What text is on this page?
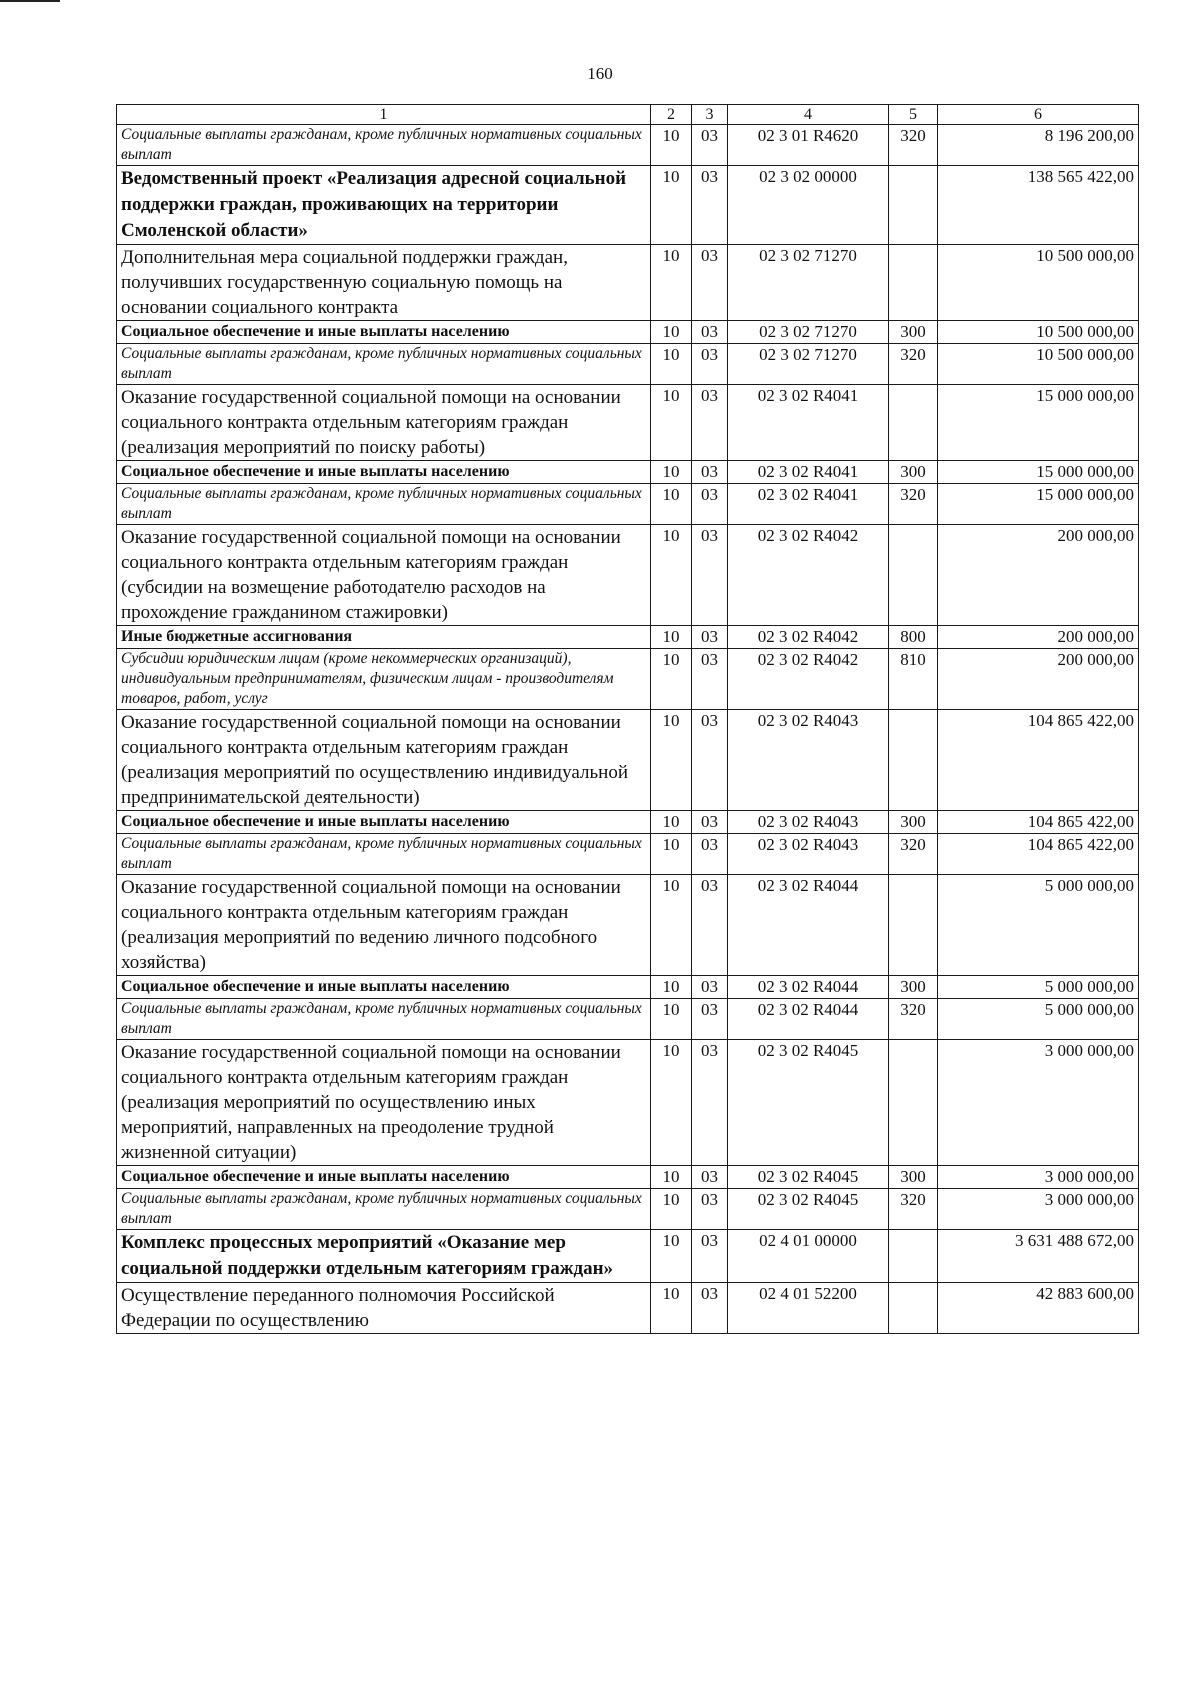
160
1	2	3	4	5	6
Социальные выплаты гражданам, кроме публичных нормативных социальных выплат	10	03	02 3 01 R4620	320	8 196 200,00
Ведомственный проект «Реализация адресной социальной поддержки граждан, проживающих на территории Смоленской области»	10	03	02 3 02 00000		138 565 422,00
Дополнительная мера социальной поддержки граждан, получивших государственную социальную помощь на основании социального контракта	10	03	02 3 02 71270		10 500 000,00
Социальное обеспечение и иные выплаты населению	10	03	02 3 02 71270	300	10 500 000,00
Социальные выплаты гражданам, кроме публичных нормативных социальных выплат	10	03	02 3 02 71270	320	10 500 000,00
Оказание государственной социальной помощи на основании социального контракта отдельным категориям граждан (реализация мероприятий по поиску работы)	10	03	02 3 02 R4041		15 000 000,00
Социальное обеспечение и иные выплаты населению	10	03	02 3 02 R4041	300	15 000 000,00
Социальные выплаты гражданам, кроме публичных нормативных социальных выплат	10	03	02 3 02 R4041	320	15 000 000,00
Оказание государственной социальной помощи на основании социального контракта отдельным категориям граждан (субсидии на возмещение работодателю расходов на прохождение гражданином стажировки)	10	03	02 3 02 R4042		200 000,00
Иные бюджетные ассигнования	10	03	02 3 02 R4042	800	200 000,00
Субсидии юридическим лицам (кроме некоммерческих организаций), индивидуальным предпринимателям, физическим лицам - производителям товаров, работ, услуг	10	03	02 3 02 R4042	810	200 000,00
Оказание государственной социальной помощи на основании социального контракта отдельным категориям граждан (реализация мероприятий по осуществлению индивидуальной предпринимательской деятельности)	10	03	02 3 02 R4043		104 865 422,00
Социальное обеспечение и иные выплаты населению	10	03	02 3 02 R4043	300	104 865 422,00
Социальные выплаты гражданам, кроме публичных нормативных социальных выплат	10	03	02 3 02 R4043	320	104 865 422,00
Оказание государственной социальной помощи на основании социального контракта отдельным категориям граждан (реализация мероприятий по ведению личного подсобного хозяйства)	10	03	02 3 02 R4044		5 000 000,00
Социальное обеспечение и иные выплаты населению	10	03	02 3 02 R4044	300	5 000 000,00
Социальные выплаты гражданам, кроме публичных нормативных социальных выплат	10	03	02 3 02 R4044	320	5 000 000,00
Оказание государственной социальной помощи на основании социального контракта отдельным категориям граждан (реализация мероприятий по осуществлению иных мероприятий, направленных на преодоление трудной жизненной ситуации)	10	03	02 3 02 R4045		3 000 000,00
Социальное обеспечение и иные выплаты населению	10	03	02 3 02 R4045	300	3 000 000,00
Социальные выплаты гражданам, кроме публичных нормативных социальных выплат	10	03	02 3 02 R4045	320	3 000 000,00
Комплекс процессных мероприятий «Оказание мер социальной поддержки отдельным категориям граждан»	10	03	02 4 01 00000		3 631 488 672,00
Осуществление переданного полномочия Российской Федерации по осуществлению	10	03	02 4 01 52200		42 883 600,00
